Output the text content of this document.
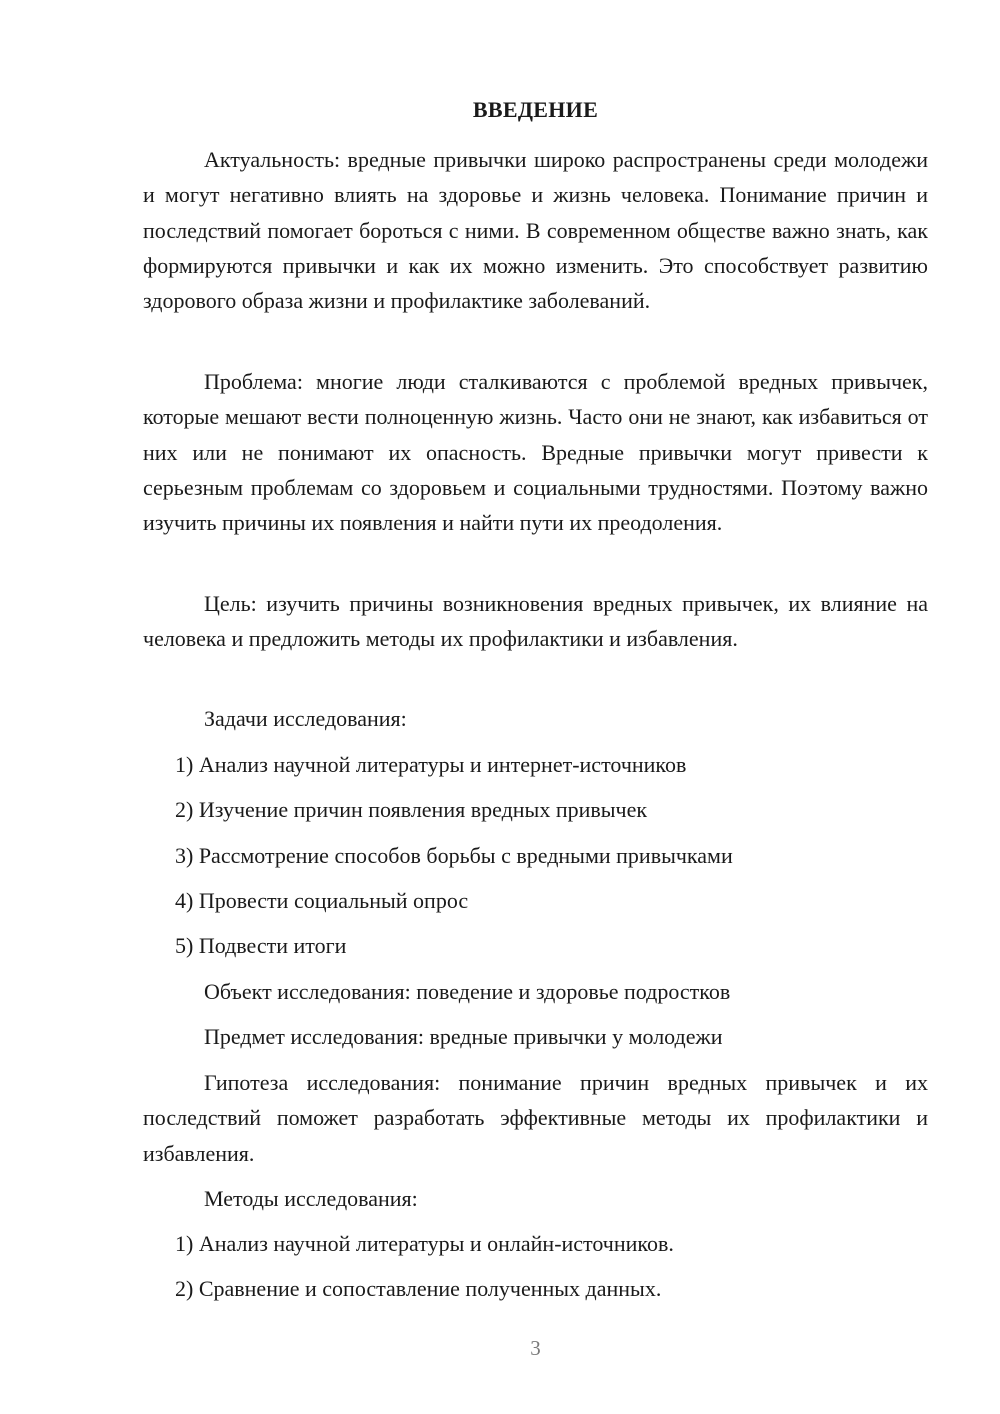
ВВЕДЕНИЕ

Актуальность: вредные привычки широко распространены среди молодежи и могут негативно влиять на здоровье и жизнь человека. Понимание причин и последствий помогает бороться с ними. В современном обществе важно знать, как формируются привычки и как их можно изменить. Это способствует развитию здорового образа жизни и профилактике заболеваний.

Проблема: многие люди сталкиваются с проблемой вредных привычек, которые мешают вести полноценную жизнь. Часто они не знают, как избавиться от них или не понимают их опасность. Вредные привычки могут привести к серьезным проблемам со здоровьем и социальными трудностями. Поэтому важно изучить причины их появления и найти пути их преодоления.

Цель: изучить причины возникновения вредных привычек, их влияние на человека и предложить методы их профилактики и избавления.

Задачи исследования:

1) Анализ научной литературы и интернет-источников

2) Изучение причин появления вредных привычек

3) Рассмотрение способов борьбы с вредными привычками

4) Провести социальный опрос

5) Подвести итоги

Объект исследования: поведение и здоровье подростков

Предмет исследования: вредные привычки у молодежи

Гипотеза исследования: понимание причин вредных привычек и их последствий поможет разработать эффективные методы их профилактики и избавления.

Методы исследования:

1) Анализ научной литературы и онлайн-источников.

2) Сравнение и сопоставление полученных данных.

3
